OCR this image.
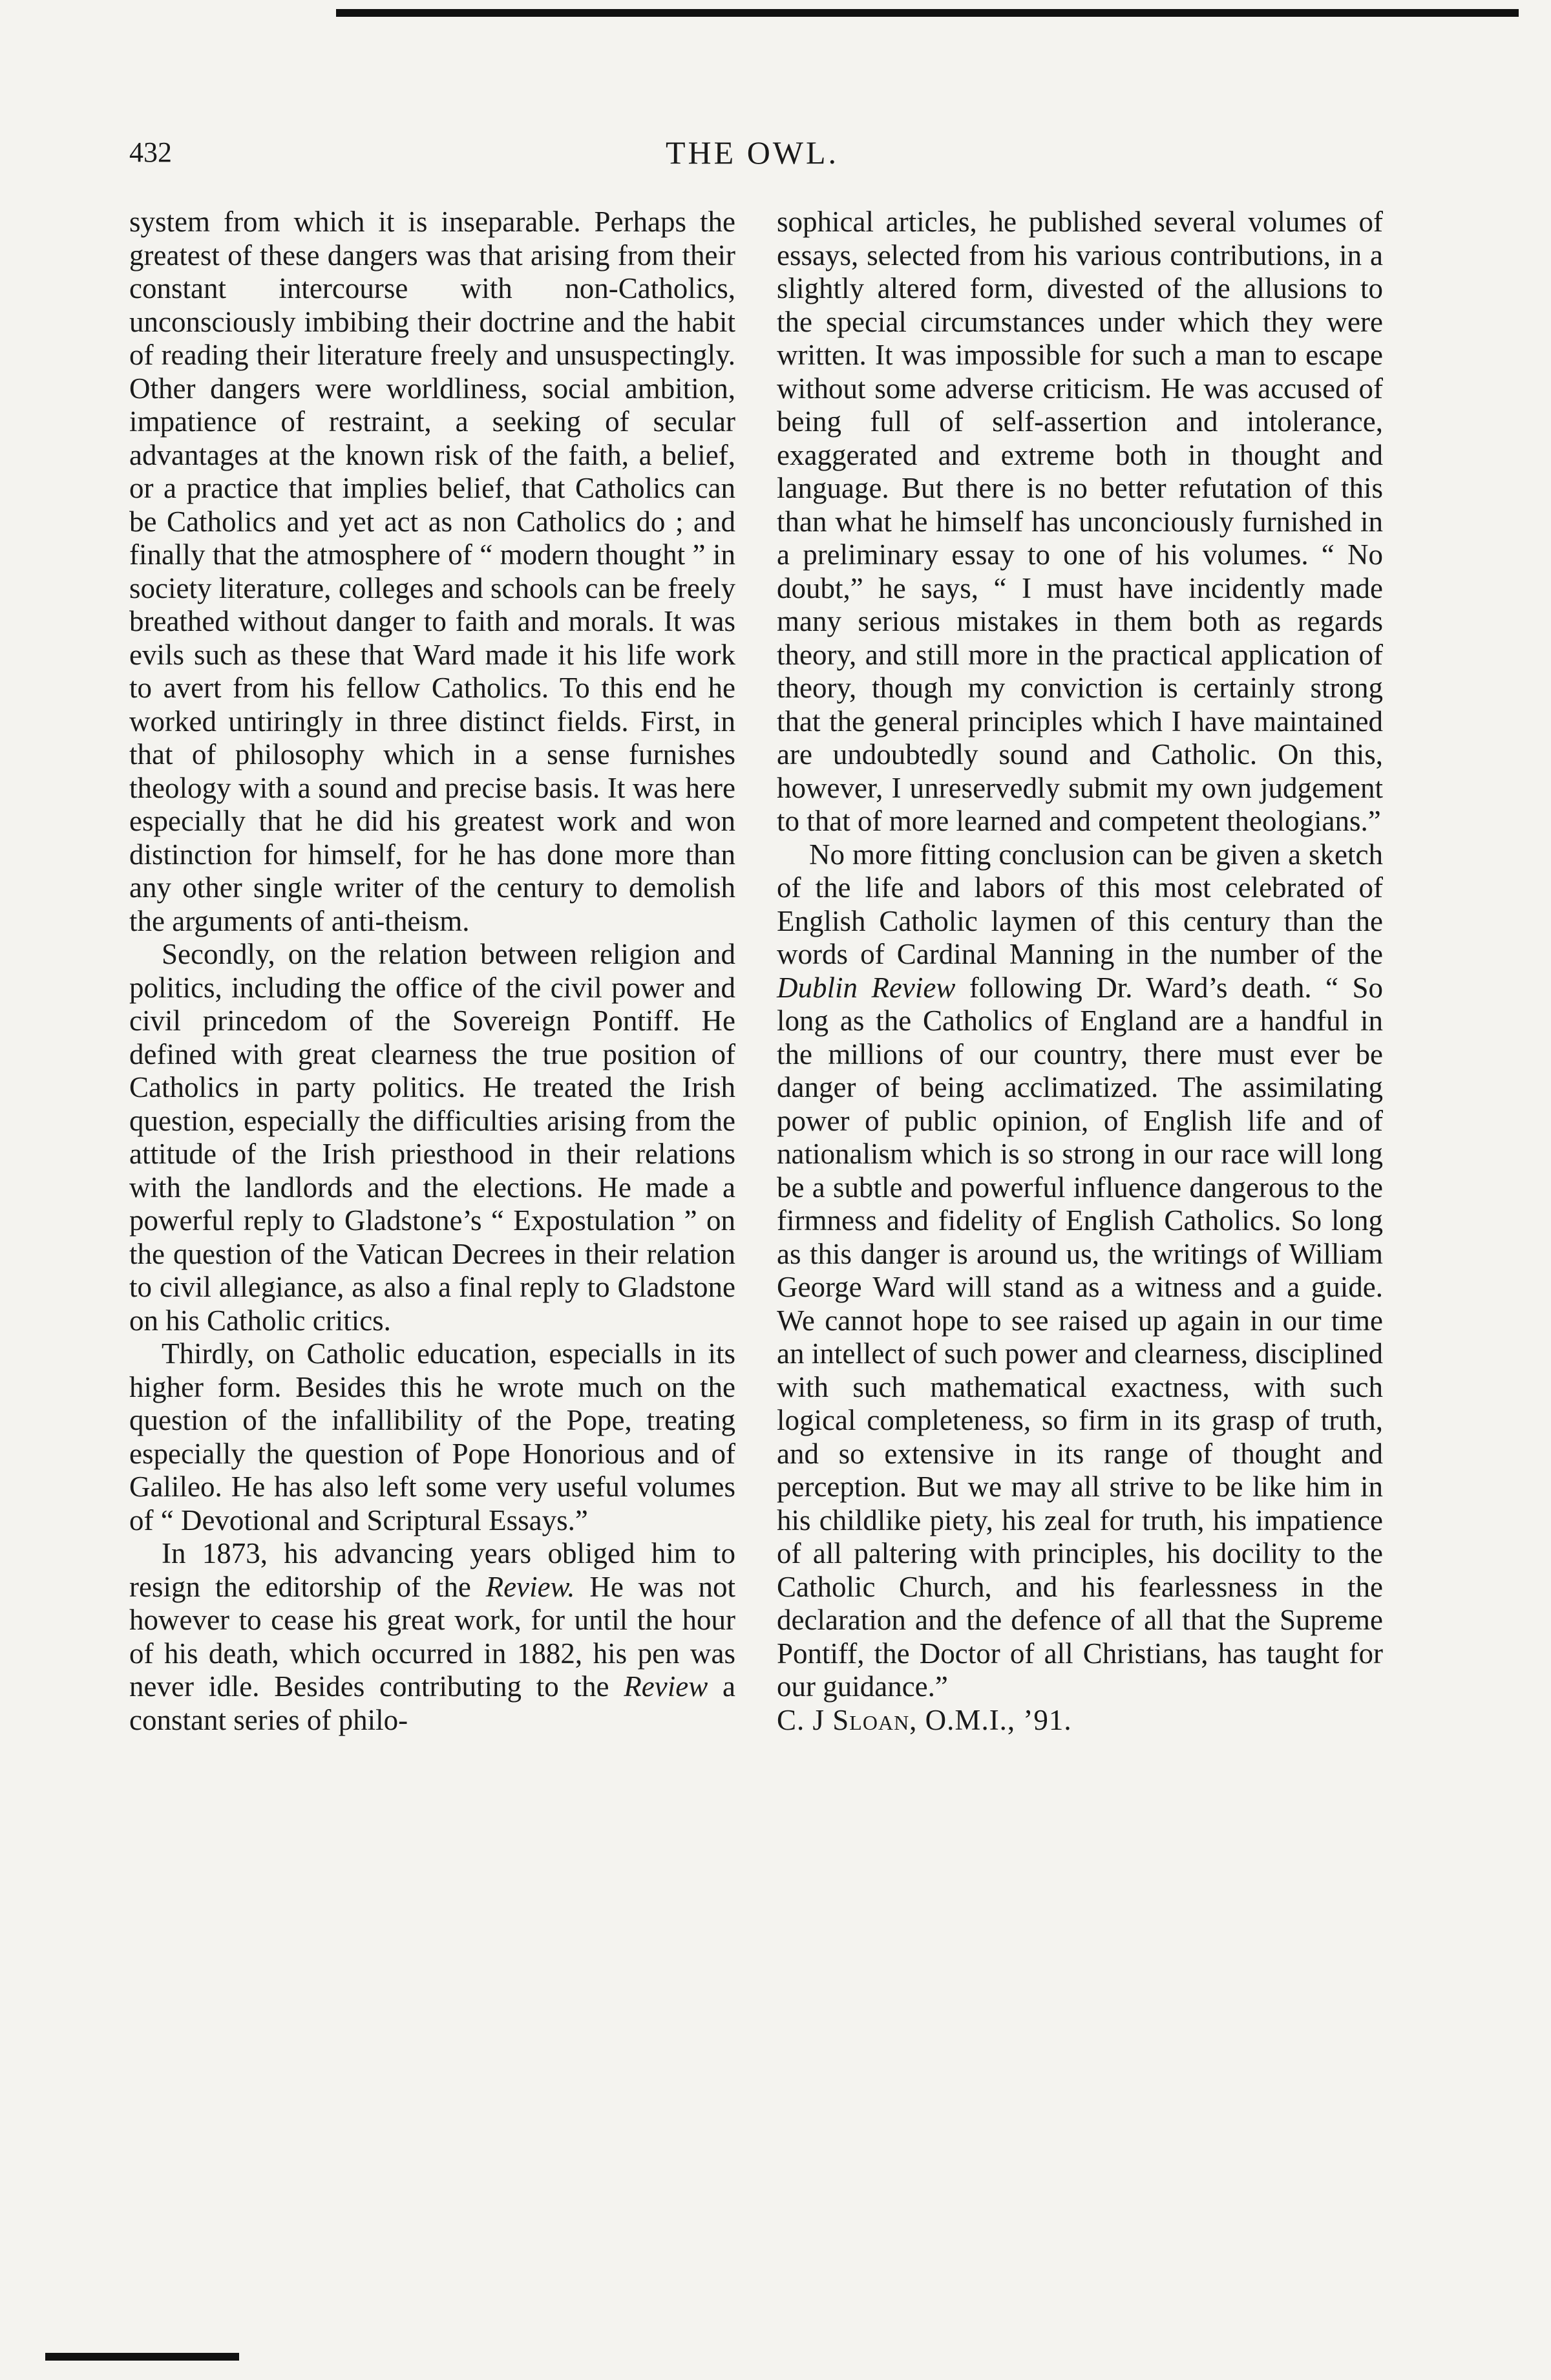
432	THE OWL.

system from which it is inseparable. Perhaps the greatest of these dangers was that arising from their constant intercourse with non-Catholics, unconsciously imbibing their doctrine and the habit of reading their literature freely and unsuspectingly. Other dangers were worldliness, social ambition, impatience of restraint, a seeking of secular advantages at the known risk of the faith, a belief, or a practice that implies belief, that Catholics can be Catholics and yet act as non Catholics do ; and finally that the atmosphere of “ modern thought ” in society literature, colleges and schools can be freely breathed without danger to faith and morals. It was evils such as these that Ward made it his life work to avert from his fellow Catholics. To this end he worked untiringly in three distinct fields. First, in that of philosophy which in a sense furnishes theology with a sound and precise basis. It was here especially that he did his greatest work and won distinction for himself, for he has done more than any other single writer of the century to demolish the arguments of anti-theism.

Secondly, on the relation between religion and politics, including the office of the civil power and civil princedom of the Sovereign Pontiff. He defined with great clearness the true position of Catholics in party politics. He treated the Irish question, especially the difficulties arising from the attitude of the Irish priesthood in their relations with the landlords and the elections. He made a powerful reply to Gladstone’s “ Expostulation ” on the question of the Vatican Decrees in their relation to civil allegiance, as also a final reply to Gladstone on his Catholic critics.

Thirdly, on Catholic education, especialls in its higher form. Besides this he wrote much on the question of the infallibility of the Pope, treating especially the question of Pope Honorious and of Galileo. He has also left some very useful volumes of “ Devotional and Scriptural Essays.”

In 1873, his advancing years obliged him to resign the editorship of the Review. He was not however to cease his great work, for until the hour of his death, which occurred in 1882, his pen was never idle. Besides contributing to the Review a constant series of philo-

sophical articles, he published several volumes of essays, selected from his various contributions, in a slightly altered form, divested of the allusions to the special circumstances under which they were written. It was impossible for such a man to escape without some adverse criticism. He was accused of being full of self-assertion and intolerance, exaggerated and extreme both in thought and language. But there is no better refutation of this than what he himself has unconciously furnished in a preliminary essay to one of his volumes. “ No doubt,” he says, “ I must have incidently made many serious mistakes in them both as regards theory, and still more in the practical application of theory, though my conviction is certainly strong that the general principles which I have maintained are undoubtedly sound and Catholic. On this, however, I unreservedly submit my own judgement to that of more learned and competent theologians.”

No more fitting conclusion can be given a sketch of the life and labors of this most celebrated of English Catholic laymen of this century than the words of Cardinal Manning in the number of the Dublin Review following Dr. Ward’s death. “ So long as the Catholics of England are a handful in the millions of our country, there must ever be danger of being acclimatized. The assimilating power of public opinion, of English life and of nationalism which is so strong in our race will long be a subtle and powerful influence dangerous to the firmness and fidelity of English Catholics. So long as this danger is around us, the writings of William George Ward will stand as a witness and a guide. We cannot hope to see raised up again in our time an intellect of such power and clearness, disciplined with such mathematical exactness, with such logical completeness, so firm in its grasp of truth, and so extensive in its range of thought and perception. But we may all strive to be like him in his childlike piety, his zeal for truth, his impatience of all paltering with principles, his docility to the Catholic Church, and his fearlessness in the declaration and the defence of all that the Supreme Pontiff, the Doctor of all Christians, has taught for our guidance.”

C. J Sloan, O.M.I., ’91.
